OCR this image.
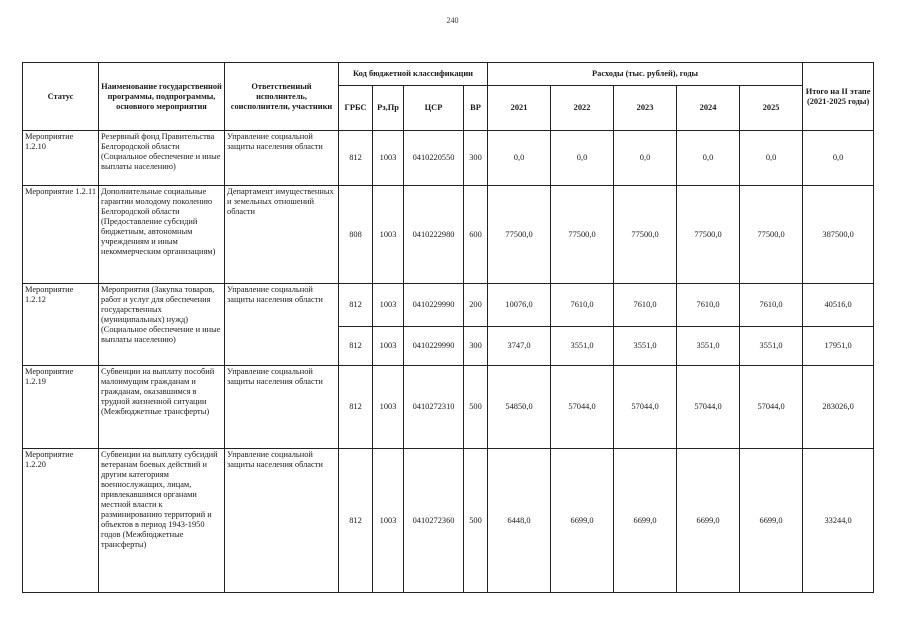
240
Статус	Наименование государственной программы, подпрограммы, основного мероприятия	Ответственный исполнитель, соисполнители, участники	Код бюджетной классификации				Расходы (тыс. рублей), годы					Итого на II этапе (2021-2025 годы)
			ГРБС	Рз,Пр	ЦСР	ВР	2021	2022	2023	2024	2025	
Мероприятие 1.2.10	Резервный фонд Правительства Белгородской области (Социальное обеспечение и иные выплаты населению)	Управление социальной защиты населения области	812	1003	0410220550	300	0,0	0,0	0,0	0,0	0,0	0,0
Мероприятие 1.2.11	Дополнительные социальные гарантии молодому поколению Белгородской области (Предоставление субсидий бюджетным, автономным учреждениям и иным некоммерческим организациям)	Департамент имущественных и земельных отношений области	808	1003	0410222980	600	77500,0	77500,0	77500,0	77500,0	77500,0	387500,0
Мероприятие 1.2.12	Мероприятия (Закупка товаров, работ и услуг для обеспечения государственных (муниципальных) нужд) (Социальное обеспечение и иные выплаты населению)	Управление социальной защиты населения области	812	1003	0410229990	200	10076,0	7610,0	7610,0	7610,0	7610,0	40516,0
			812	1003	0410229990	300	3747,0	3551,0	3551,0	3551,0	3551,0	17951,0
Мероприятие 1.2.19	Субвенции на выплату пособий малоимущим гражданам и гражданам, оказавшимся в трудной жизненной ситуации (Межбюджетные трансферты)	Управление социальной защиты населения области	812	1003	0410272310	500	54850,0	57044,0	57044,0	57044,0	57044,0	283026,0
Мероприятие 1.2.20	Субвенции на выплату субсидий ветеранам боевых действий и другим категориям военнослужащих, лицам, привлекавшимся органами местной власти к разминированию территорий и объектов в период 1943-1950 годов (Межбюджетные трансферты)	Управление социальной защиты населения области	812	1003	0410272360	500	6448,0	6699,0	6699,0	6699,0	6699,0	33244,0
